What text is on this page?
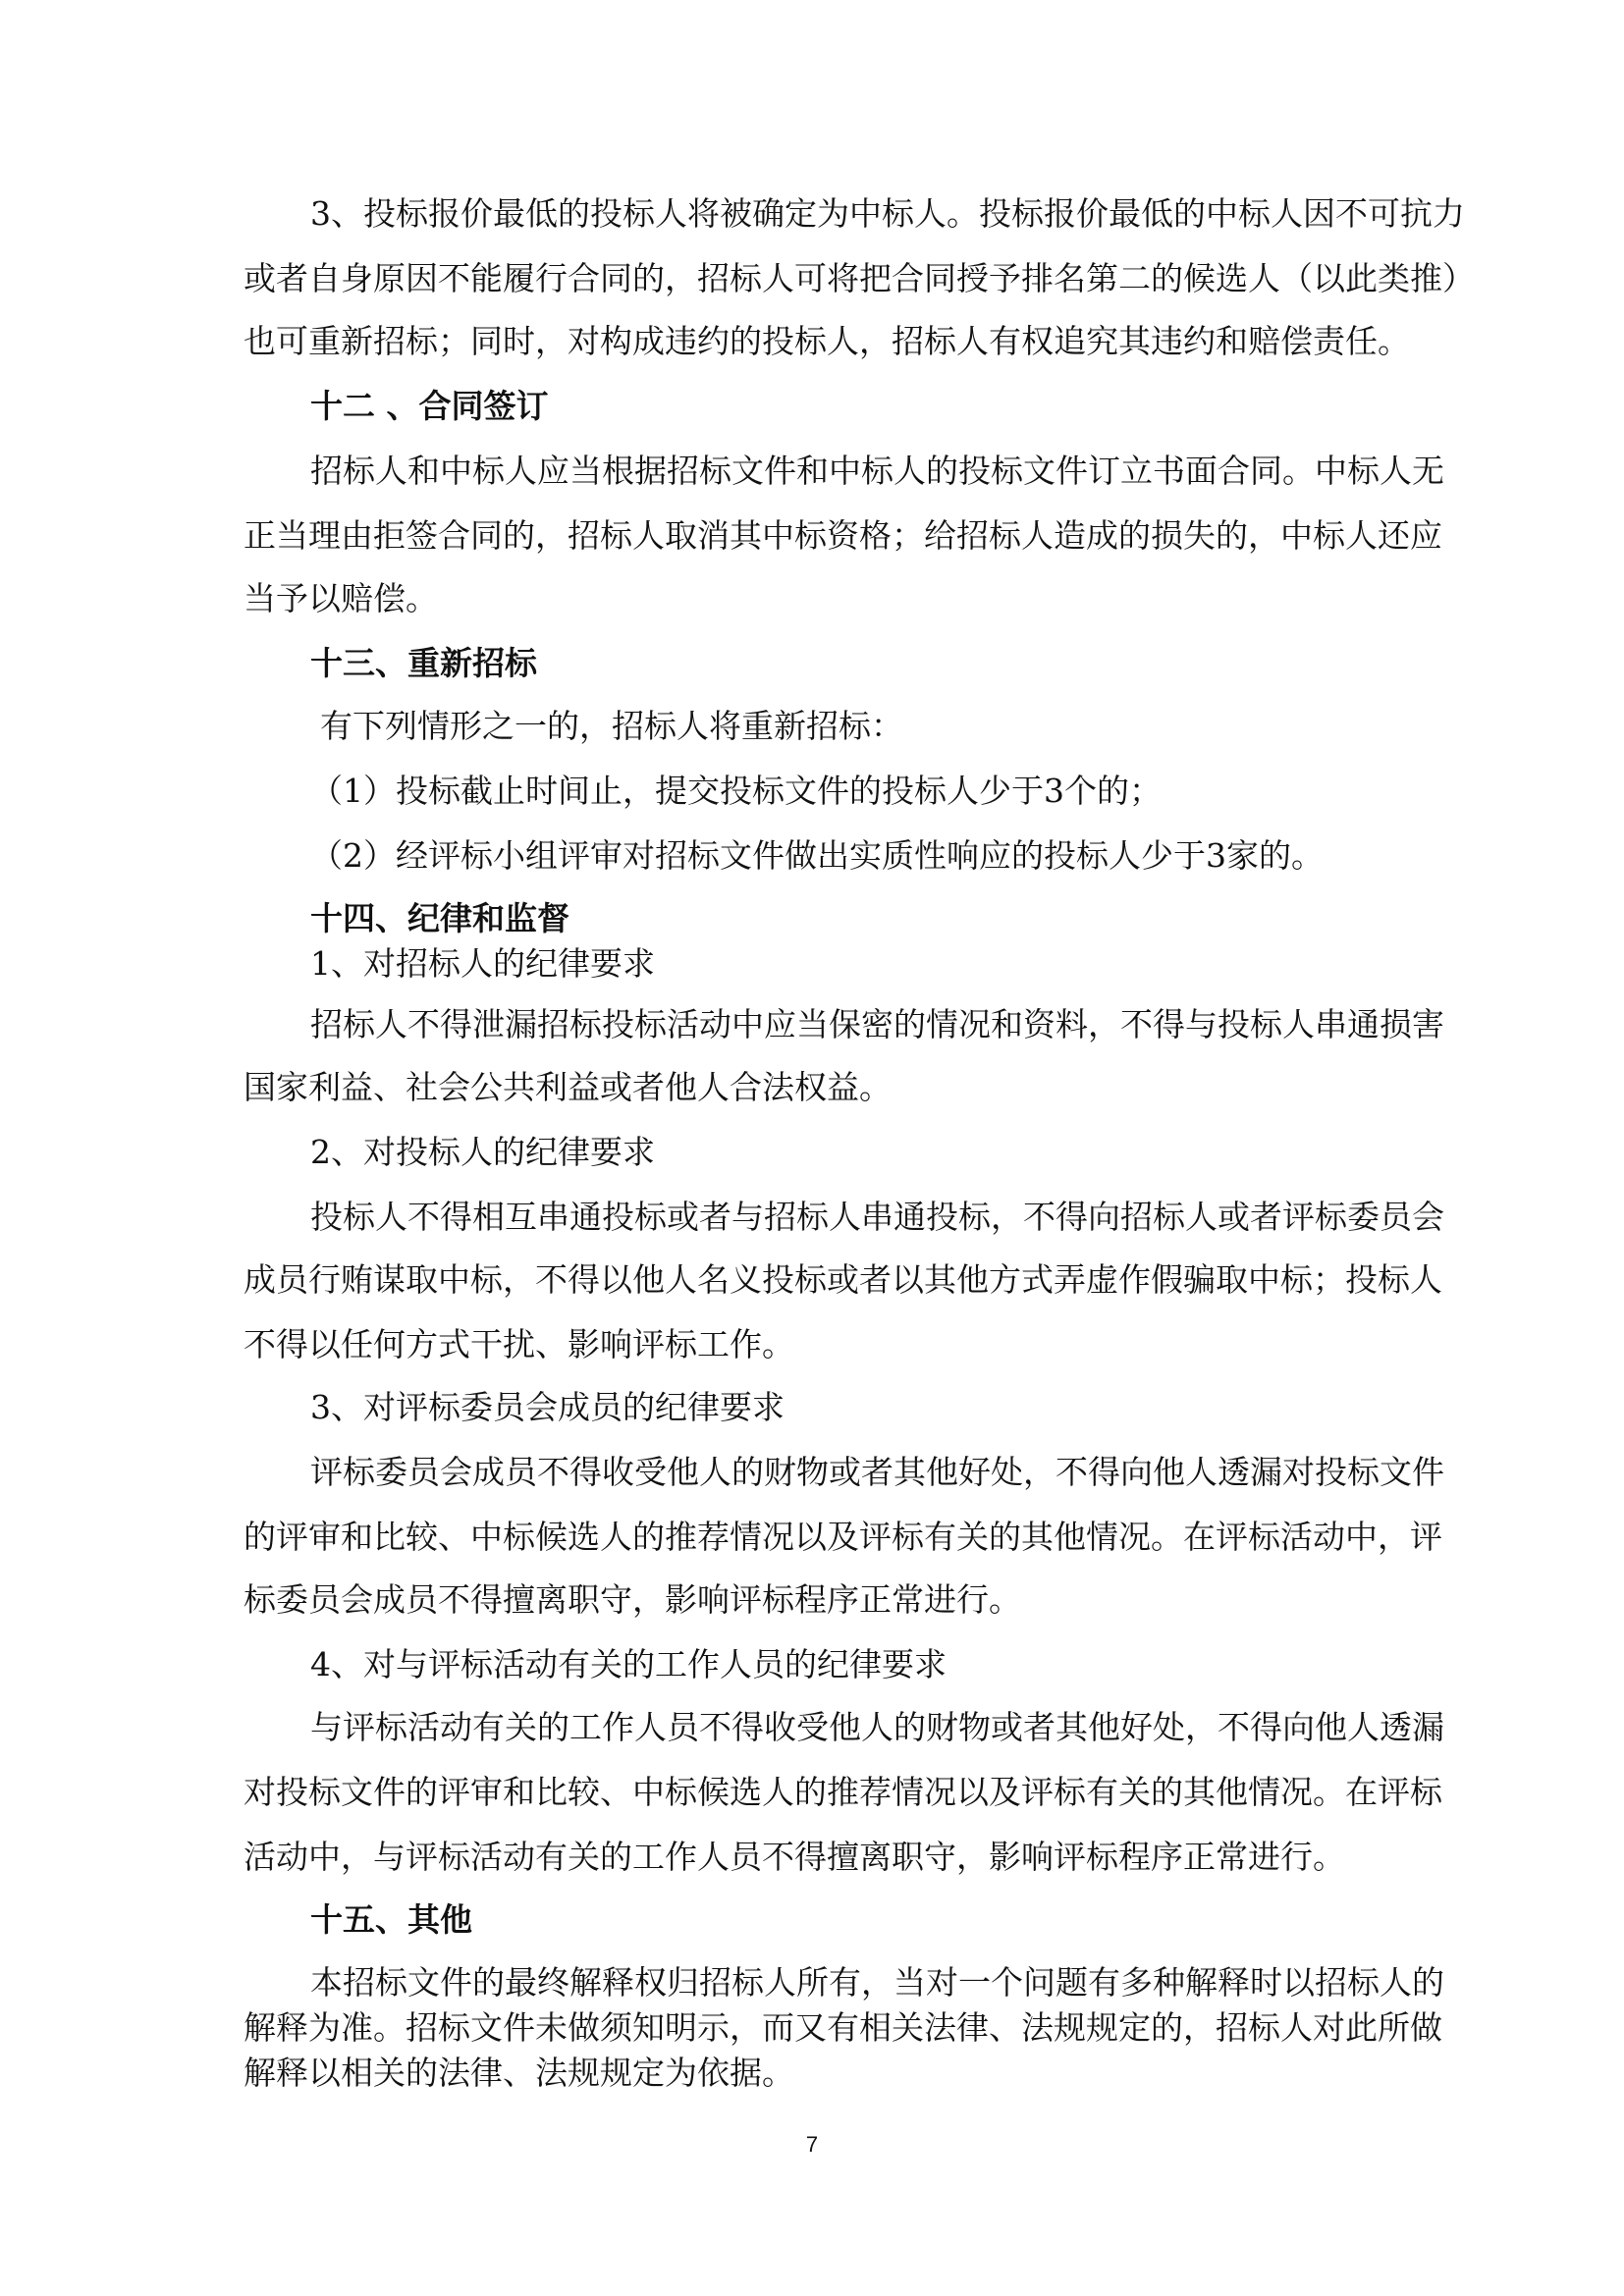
3、投标报价最低的投标人将被确定为中标人。投标报价最低的中标人因不可抗力
或者自身原因不能履行合同的，招标人可将把合同授予排名第二的候选人（以此类推）
也可重新招标；同时，对构成违约的投标人，招标人有权追究其违约和赔偿责任。
十二 、合同签订
招标人和中标人应当根据招标文件和中标人的投标文件订立书面合同。中标人无
正当理由拒签合同的，招标人取消其中标资格；给招标人造成的损失的，中标人还应
当予以赔偿。
十三、重新招标
有下列情形之一的，招标人将重新招标：
（1）投标截止时间止，提交投标文件的投标人少于3个的；
（2）经评标小组评审对招标文件做出实质性响应的投标人少于3家的。
十四、纪律和监督
1、对招标人的纪律要求
招标人不得泄漏招标投标活动中应当保密的情况和资料，不得与投标人串通损害
国家利益、社会公共利益或者他人合法权益。
2、对投标人的纪律要求
投标人不得相互串通投标或者与招标人串通投标，不得向招标人或者评标委员会
成员行贿谋取中标，不得以他人名义投标或者以其他方式弄虚作假骗取中标；投标人
不得以任何方式干扰、影响评标工作。
3、对评标委员会成员的纪律要求
评标委员会成员不得收受他人的财物或者其他好处，不得向他人透漏对投标文件
的评审和比较、中标候选人的推荐情况以及评标有关的其他情况。在评标活动中，评
标委员会成员不得擅离职守，影响评标程序正常进行。
4、对与评标活动有关的工作人员的纪律要求
与评标活动有关的工作人员不得收受他人的财物或者其他好处，不得向他人透漏
对投标文件的评审和比较、中标候选人的推荐情况以及评标有关的其他情况。在评标
活动中，与评标活动有关的工作人员不得擅离职守，影响评标程序正常进行。
十五、其他
本招标文件的最终解释权归招标人所有，当对一个问题有多种解释时以招标人的
解释为准。招标文件未做须知明示，而又有相关法律、法规规定的，招标人对此所做
解释以相关的法律、法规规定为依据。
7
